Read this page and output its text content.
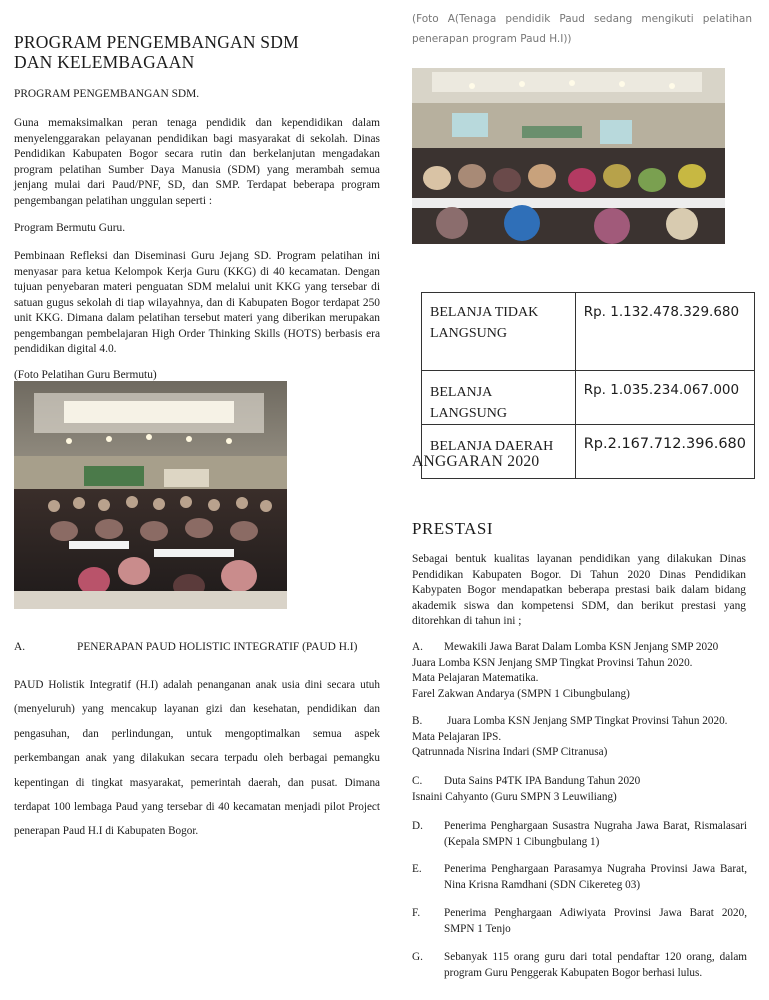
PROGRAM PENGEMBANGAN SDM
DAN KELEMBAGAAN

PROGRAM PENGEMBANGAN SDM.

Guna memaksimalkan peran tenaga pendidik dan kependidikan dalam menyelenggarakan pelayanan pendidikan bagi masyarakat di sekolah. Dinas Pendidikan Kabupaten Bogor secara rutin dan berkelanjutan mengadakan program pelatihan Sumber Daya Manusia (SDM) yang merambah semua jenjang mulai dari Paud/PNF, SD, dan SMP. Terdapat beberapa program pengembangan pelatihan unggulan seperti :

Program Bermutu Guru.

Pembinaan Refleksi dan Diseminasi Guru Jejang SD. Program pelatihan ini menyasar para ketua Kelompok Kerja Guru (KKG) di 40 kecamatan. Dengan tujuan penyebaran materi penguatan SDM melalui unit KKG yang tersebar di satuan gugus sekolah di tiap wilayahnya, dan di Kabupaten Bogor terdapat 250 unit KKG. Dimana dalam pelatihan tersebut materi yang diberikan merupakan pengembangan pembelajaran High Order Thinking Skills (HOTS) berbasis era pendidikan digital 4.0.

(Foto Pelatihan Guru Bermutu)

A.	PENERAPAN PAUD HOLISTIC INTEGRATIF (PAUD H.I)

PAUD Holistik Integratif (H.I) adalah penanganan anak usia dini secara utuh (menyeluruh) yang mencakup layanan gizi dan kesehatan, pendidikan dan pengasuhan, dan perlindungan, untuk mengoptimalkan semua aspek perkembangan anak yang dilakukan secara terpadu oleh berbagai pemangku kepentingan di tingkat masyarakat, pemerintah daerah, dan pusat. Dimana terdapat 100 lembaga Paud yang tersebar di 40 kecamatan menjadi pilot Project penerapan Paud H.I di Kabupaten Bogor.

(Foto A(Tenaga pendidik Paud sedang mengikuti pelatihan penerapan program Paud H.I))

BELANJA TIDAK LANGSUNG	Rp. 1.132.478.329.680
BELANJA LANGSUNG	Rp. 1.035.234.067.000
BELANJA DAERAH	Rp.2.167.712.396.680
ANGGARAN 2020
PRESTASI

Sebagai bentuk kualitas layanan pendidikan yang dilakukan Dinas Pendidikan Kabupaten Bogor. Di Tahun 2020 Dinas Pendidikan Kabypaten Bogor mendapatkan beberapa prestasi baik dalam bidang akademik siswa dan kompetensi SDM, dan berikut prestasi yang ditorehkan di tahun ini ;

A. Mewakili Jawa Barat Dalam Lomba KSN Jenjang SMP 2020
Juara Lomba KSN Jenjang SMP Tingkat Provinsi Tahun 2020.
Mata Pelajaran Matematika.
Farel Zakwan Andarya (SMPN 1 Cibungbulang)
B. Juara Lomba KSN Jenjang SMP Tingkat Provinsi Tahun 2020.
Mata Pelajaran IPS.
Qatrunnada Nisrina Indari (SMP Citranusa)
C. Duta Sains P4TK IPA Bandung Tahun 2020
Isnaini Cahyanto (Guru SMPN 3 Leuwiliang)
D. Penerima Penghargaan Susastra Nugraha Jawa Barat, Rismalasari (Kepala SMPN 1 Cibungbulang 1)
E. Penerima Penghargaan Parasamya Nugraha Provinsi Jawa Barat, Nina Krisna Ramdhani (SDN Cikereteg 03)
F. Penerima Penghargaan Adiwiyata Provinsi Jawa Barat 2020, SMPN 1 Tenjo
G. Sebanyak 115 orang guru dari total pendaftar 120 orang, dalam program Guru Penggerak Kabupaten Bogor berhasi lulus.
